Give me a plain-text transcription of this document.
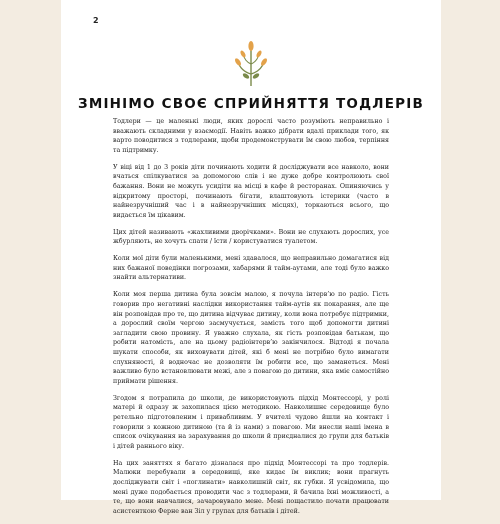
2
ЗМІНІМО СВОЄ СПРИЙНЯТТЯ ТОДЛЕРІВ

Тодлери — це маленькі люди, яких дорослі часто розуміють неправильно і вважають складними у взаємодії. Навіть важко дібрати вдалі приклади того, як варто поводитися з тодлерами, щоби продемонструвати їм свою любов, терпіння та підтримку.

У віці від 1 до 3 років діти починають ходити й досліджувати все навколо, вони вчаться спілкуватися за допомогою слів і не дуже добре контролюють свої бажання. Вони не можуть усидіти на місці в кафе й ресторанах. Опиняючись у відкритому просторі, починають бігати, влаштовують істерики (часто в найнезручніший час і в найнезручніших місцях), торкаються всього, що видається їм цікавим.

Цих дітей називають «жахливими дворічками». Вони не слухають дорослих, усе жбурляють, не хочуть спати / їсти / користуватися туалетом.

Коли мої діти були маленькими, мені здавалося, що неправильно домагатися від них бажаної поведінки погрозами, хабарями й тайм-аутами, але тоді було важко знайти альтернативи.

Коли моя перша дитина була зовсім малою, я почула інтерв’ю по радіо. Гість говорив про негативні наслідки використання тайм-аутів як покарання, але ще він розповідав про те, що дитина відчуває дитину, коли вона потребує підтримки, а дорослий своїм чергою засмучується, замість того щоб допомогти дитині загладити свою провину. Я уважно слухала, як гість розповідав батькам, що робити натомість, але на цьому радіоінтерв’ю закінчилося. Відтоді я почала шукати способи, як виховувати дітей, які б мені не потрібно було вимагати слухняності, й водночас не дозволяти їм робити все, що заманеться. Мені важливо було встановлювати межі, але з повагою до дитини, яка вміє самостійно приймати рішення.

Згодом я потрапила до школи, де використовують підхід Монтессорі, у ролі матері й одразу ж захопилася цією методикою. Навколишнє середовище було ретельно підготовленим і привабливим. У вчителі чудово йшли на контакт і говорили з кожною дитиною (та й із нами) з повагою. Ми внесли наші імена в список очікування на зарахування до школи й приєдналися до групи для батьків і дітей раннього віку.

На цих заняттях я багато дізналася про підхід Монтессорі та про тодлерів. Малюки перебували в середовищі, яке кидає їм виклик; вони прагнуть досліджувати світ і «поглинати» навколишній світ, як губки. Я усвідомила, що мені дуже подобається проводити час з тодлерами, й бачила їхні можливості, а те, що вони навчалися, зачаровувало мене. Мені пощастило почати працювати асистенткою Ферне ван Зіл у групах для батьків і дітей.
